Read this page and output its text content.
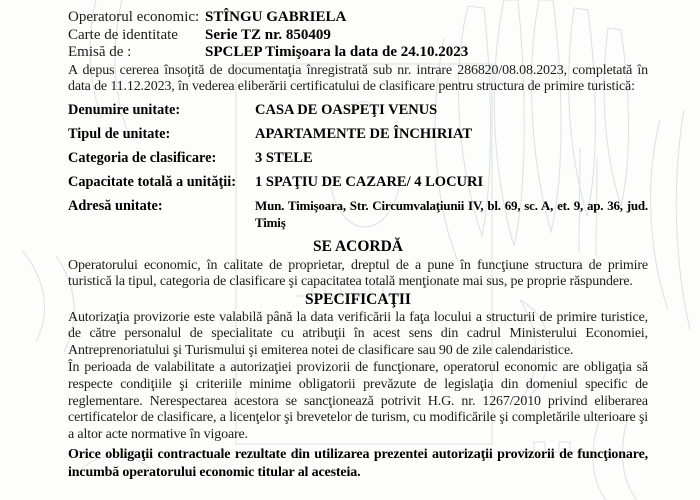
Operatorul economic: STÎNGU GABRIELA
Carte de identitate	Serie TZ nr. 850409
Emisă de :	SPCLEP Timişoara la data de 24.10.2023

A depus cererea însoţită de documentaţia înregistrată sub nr. intrare 286820/08.08.2023, completată în data de 11.12.2023, în vederea eliberării certificatului de clasificare pentru structura de primire turistică:

Denumire unitate:	CASA DE OASPEŢI VENUS
Tipul de unitate:	APARTAMENTE DE ÎNCHIRIAT
Categoria de clasificare:	3 STELE
Capacitate totală a unităţii:	1 SPAŢIU DE CAZARE/ 4 LOCURI
Adresă unitate:	Mun. Timişoara, Str. Circumvalaţiunii IV, bl. 69, sc. A, et. 9, ap. 36, jud. Timiş

SE ACORDĂ

Operatorului economic, în calitate de proprietar, dreptul de a pune în funcţiune structura de primire turistică la tipul, categoria de clasificare şi capacitatea totală menţionate mai sus, pe proprie răspundere.

SPECIFICAŢII

Autorizaţia provizorie este valabilă până la data verificării la faţa locului a structurii de primire turistice, de către personalul de specialitate cu atribuţii în acest sens din cadrul Ministerului Economiei, Antreprenoriatului şi Turismului şi emiterea notei de clasificare sau 90 de zile calendaristice.

În perioada de valabilitate a autorizaţiei provizorii de funcţionare, operatorul economic are obligaţia să respecte condiţiile şi criteriile minime obligatorii prevăzute de legislaţia din domeniul specific de reglementare. Nerespectarea acestora se sancţionează potrivit H.G. nr. 1267/2010 privind eliberarea certificatelor de clasificare, a licenţelor şi brevetelor de turism, cu modificările şi completările ulterioare şi a altor acte normative în vigoare.

Orice obligaţii contractuale rezultate din utilizarea prezentei autorizaţii provizorii de funcţionare, incumbă operatorului economic titular al acesteia.
